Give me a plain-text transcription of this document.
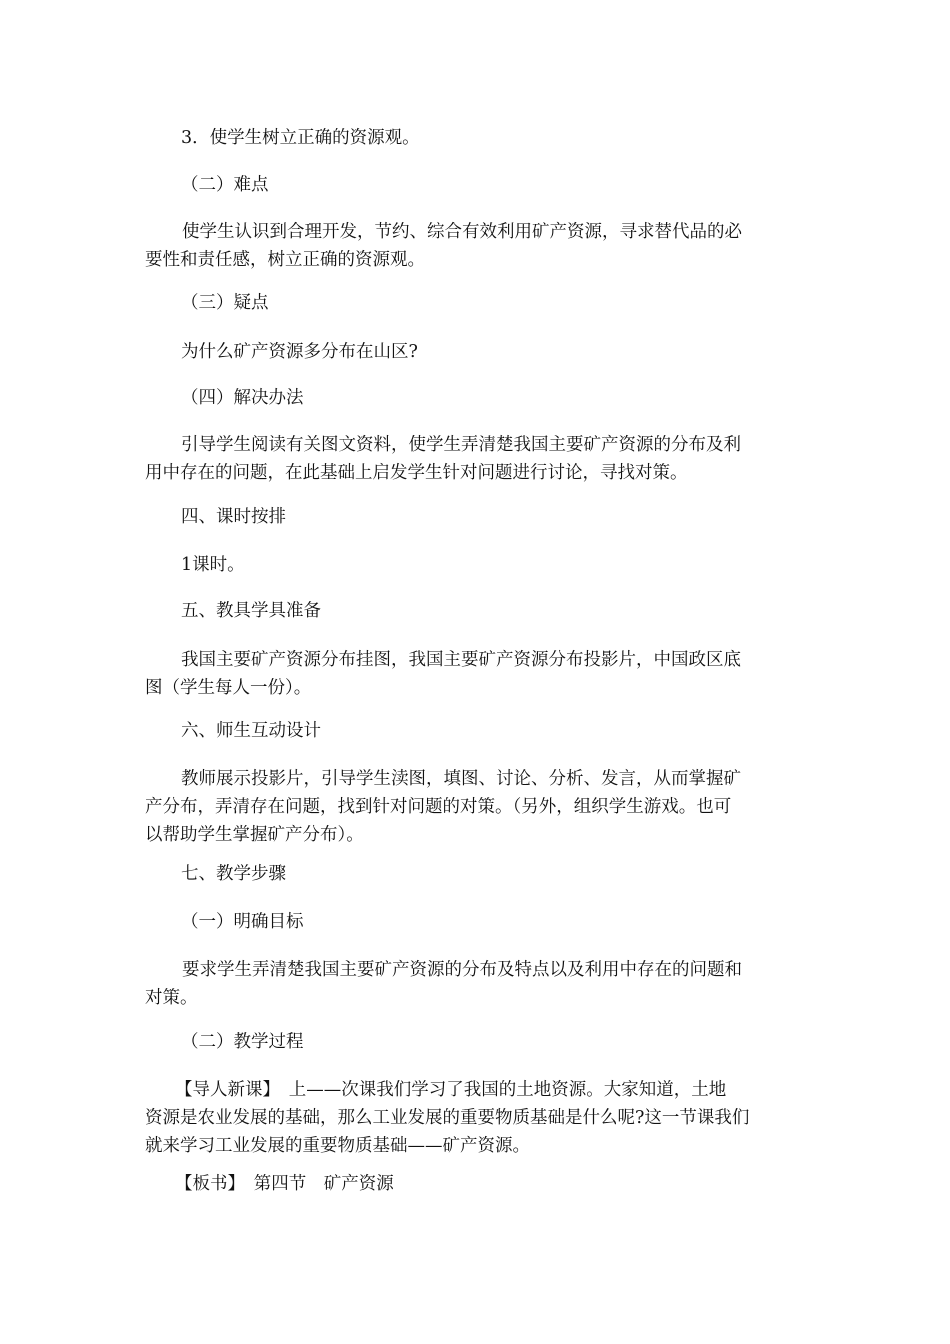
3．使学生树立正确的资源观。

（二）难点

使学生认识到合理开发，节约、综合有效利用矿产资源，寻求替代品的必
要性和责任感，树立正确的资源观。

（三）疑点

为什么矿产资源多分布在山区?

（四）解决办法

引导学生阅读有关图文资料，使学生弄清楚我国主要矿产资源的分布及利
用中存在的问题，在此基础上启发学生针对问题进行讨论，寻找对策。

四、课时按排

1课时。

五、教具学具准备

我国主要矿产资源分布挂图，我国主要矿产资源分布投影片，中国政区底
图（学生每人一份）。

六、师生互动设计

教师展示投影片，引导学生渎图，填图、讨论、分析、发言，从而掌握矿
产分布，弄清存在问题，找到针对问题的对策。（另外，组织学生游戏。也可
以帮助学生掌握矿产分布）。

七、教学步骤

（一）明确目标

要求学生弄清楚我国主要矿产资源的分布及特点以及利用中存在的问题和
对策。

（二）教学过程

【导人新课】　上——次课我们学习了我国的土地资源。大家知道，土地
资源是农业发展的基础，那么工业发展的重要物质基础是什么呢?这一节课我们
就来学习工业发展的重要物质基础——矿产资源。

【板书】　第四节　矿产资源
